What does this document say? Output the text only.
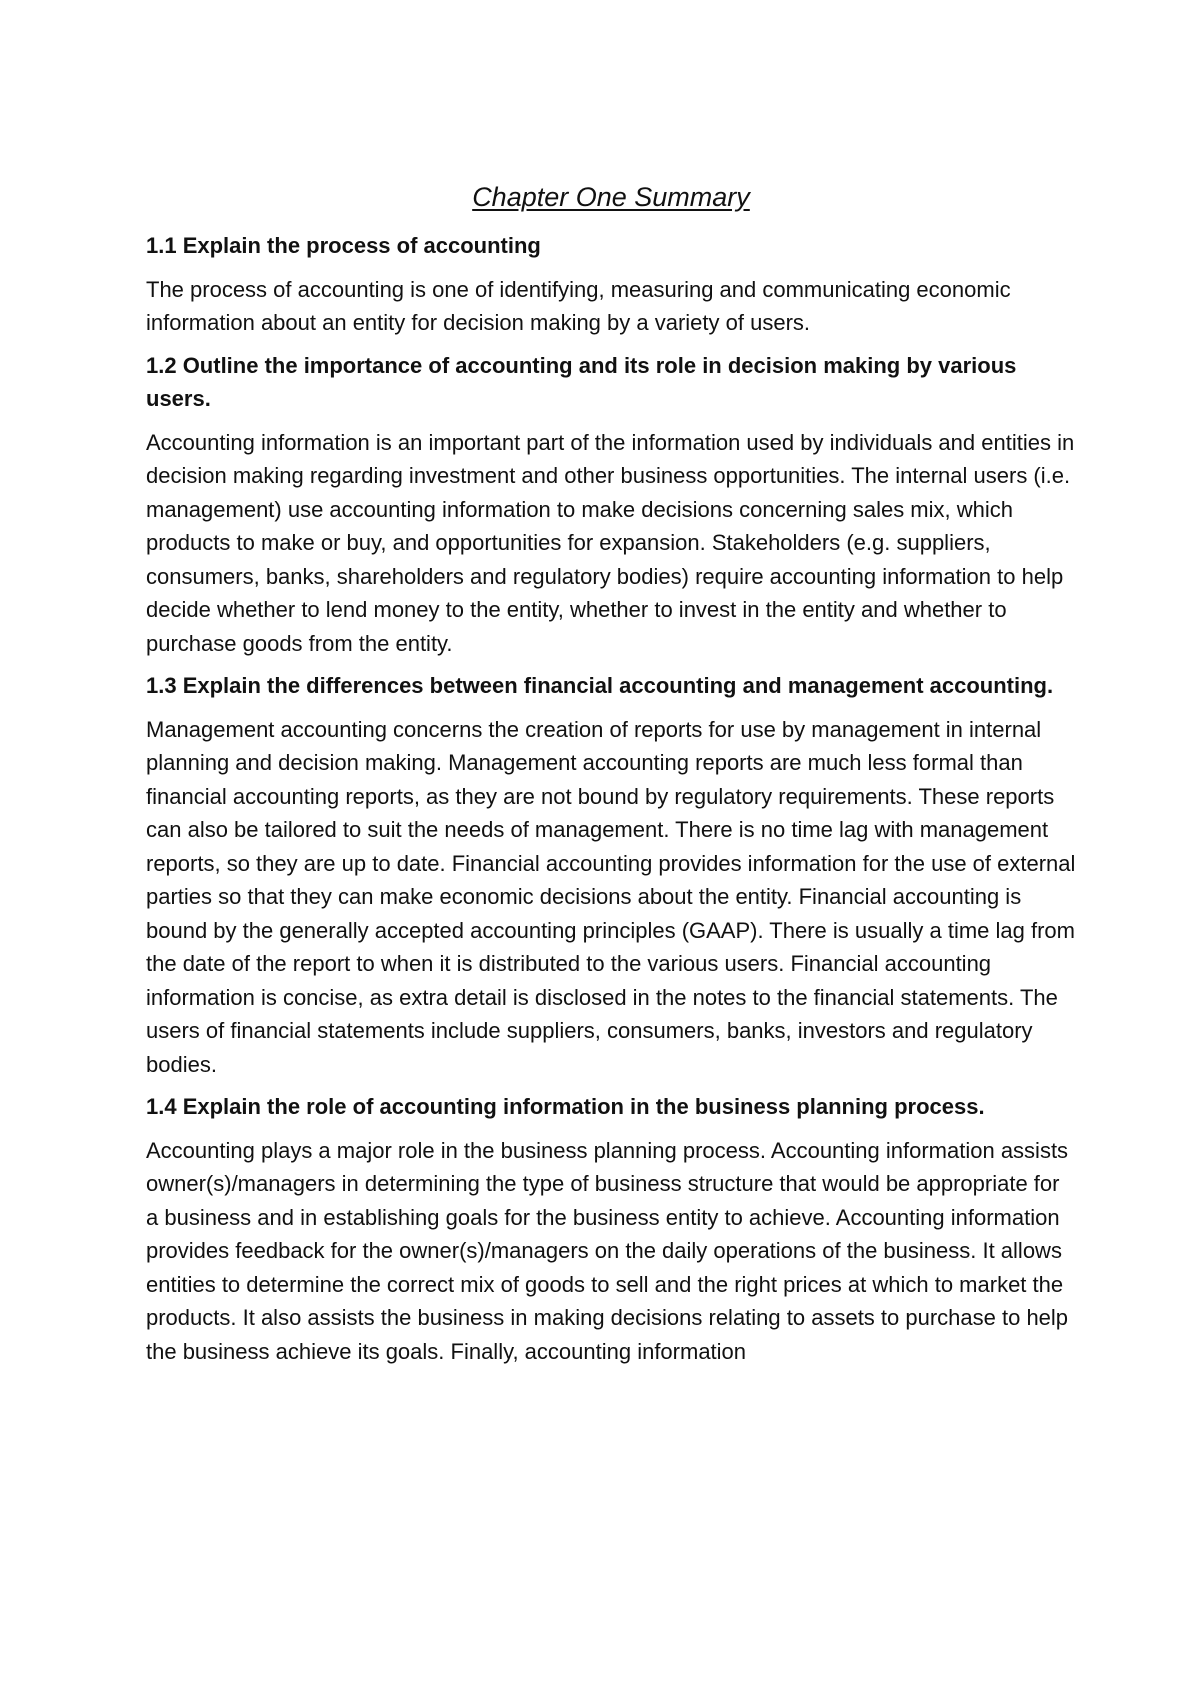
Chapter One Summary

1.1 Explain the process of accounting

The process of accounting is one of identifying, measuring and communicating economic information about an entity for decision making by a variety of users.

1.2 Outline the importance of accounting and its role in decision making by various users.

Accounting information is an important part of the information used by individuals and entities in decision making regarding investment and other business opportunities. The internal users (i.e. management) use accounting information to make decisions concerning sales mix, which products to make or buy, and opportunities for expansion. Stakeholders (e.g. suppliers, consumers, banks, shareholders and regulatory bodies) require accounting information to help decide whether to lend money to the entity, whether to invest in the entity and whether to purchase goods from the entity.

1.3 Explain the differences between financial accounting and management accounting.

Management accounting concerns the creation of reports for use by management in internal planning and decision making. Management accounting reports are much less formal than financial accounting reports, as they are not bound by regulatory requirements. These reports can also be tailored to suit the needs of management. There is no time lag with management reports, so they are up to date. Financial accounting provides information for the use of external parties so that they can make economic decisions about the entity. Financial accounting is bound by the generally accepted accounting principles (GAAP). There is usually a time lag from the date of the report to when it is distributed to the various users. Financial accounting information is concise, as extra detail is disclosed in the notes to the financial statements. The users of financial statements include suppliers, consumers, banks, investors and regulatory bodies.

1.4 Explain the role of accounting information in the business planning process.

Accounting plays a major role in the business planning process. Accounting information assists owner(s)/managers in determining the type of business structure that would be appropriate for a business and in establishing goals for the business entity to achieve. Accounting information provides feedback for the owner(s)/managers on the daily operations of the business. It allows entities to determine the correct mix of goods to sell and the right prices at which to market the products. It also assists the business in making decisions relating to assets to purchase to help the business achieve its goals. Finally, accounting information
